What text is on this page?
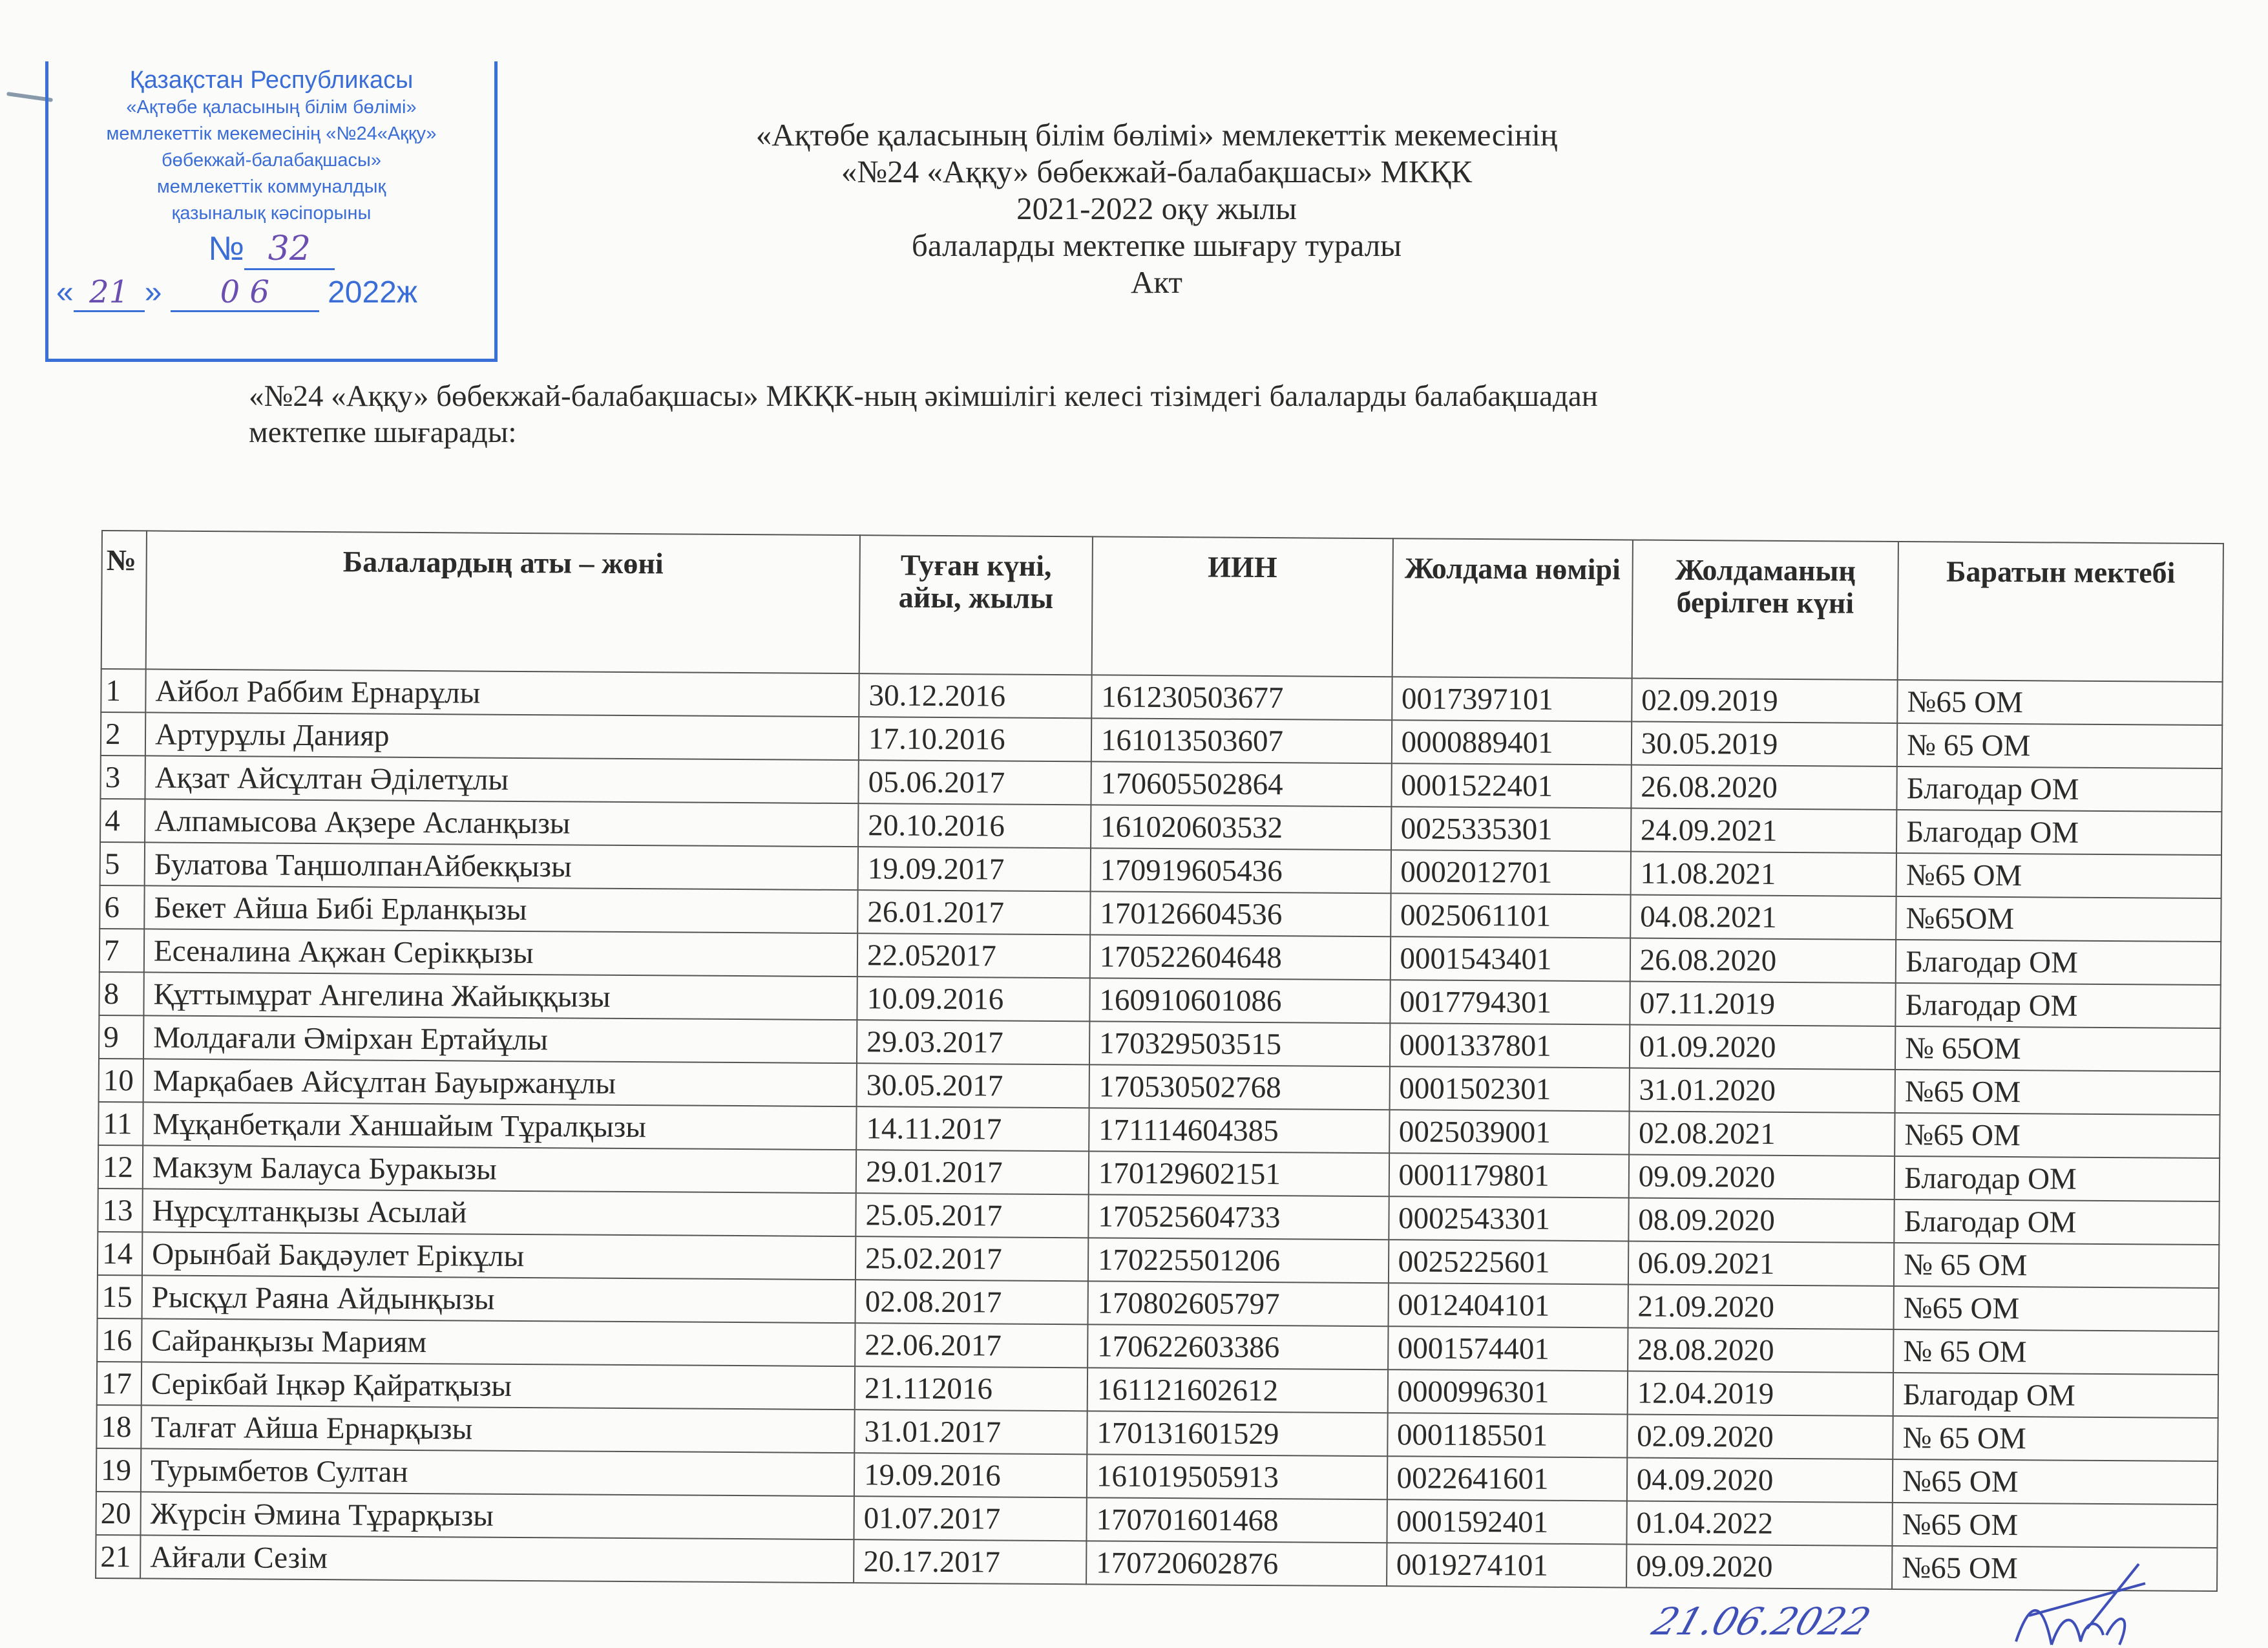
Қазақстан Республикасы
«Ақтөбе қаласының білім бөлімі»
мемлекеттік мекемесінің «№24«Аққу»
бөбекжай-балабақшасы»
мемлекеттік коммуналдық
қазыналық кәсіпорыны
№ 32
« 21 » 0 6 2022ж
«Ақтөбе қаласының білім бөлімі» мемлекеттік мекемесінің
«№24 «Аққу» бөбекжай-балабақшасы» МКҚК
2021-2022 оқу жылы
балаларды мектепке шығару туралы
Акт
«№24 «Аққу» бөбекжай-балабақшасы» МКҚК-ның әкімшілігі келесі тізімдегі балаларды балабақшадан
мектепке шығарады:
№	Балалардың аты – жөні	Туған күні, айы, жылы	ИИН	Жолдама нөмірі	Жолдаманың берілген күні	Баратын мектебі
1	Айбол Раббим Ернарұлы	30.12.2016	161230503677	0017397101	02.09.2019	№65 ОМ
2	Артурұлы Данияр	17.10.2016	161013503607	0000889401	30.05.2019	№ 65 ОМ
3	Ақзат Айсұлтан Әділетұлы	05.06.2017	170605502864	0001522401	26.08.2020	Благодар ОМ
4	Алпамысова Ақзере Асланқызы	20.10.2016	161020603532	0025335301	24.09.2021	Благодар ОМ
5	Булатова ТаңшолпанАйбекқызы	19.09.2017	170919605436	0002012701	11.08.2021	№65 ОМ
6	Бекет Айша Бибі Ерланқызы	26.01.2017	170126604536	0025061101	04.08.2021	№65ОМ
7	Есеналина Ақжан Серікқызы	22.052017	170522604648	0001543401	26.08.2020	Благодар ОМ
8	Құттымұрат Ангелина Жайыққызы	10.09.2016	160910601086	0017794301	07.11.2019	Благодар ОМ
9	Молдағали Әмірхан Ертайұлы	29.03.2017	170329503515	0001337801	01.09.2020	№ 65ОМ
10	Марқабаев Айсұлтан Бауыржанұлы	30.05.2017	170530502768	0001502301	31.01.2020	№65 ОМ
11	Мұқанбетқали Ханшайым Тұралқызы	14.11.2017	171114604385	0025039001	02.08.2021	№65 ОМ
12	Макзум Балауса Буракызы	29.01.2017	170129602151	0001179801	09.09.2020	Благодар ОМ
13	Нұрсұлтанқызы Асылай	25.05.2017	170525604733	0002543301	08.09.2020	Благодар ОМ
14	Орынбай Бақдәулет Ерікұлы	25.02.2017	170225501206	0025225601	06.09.2021	№ 65 ОМ
15	Рысқұл Раяна Айдынқызы	02.08.2017	170802605797	0012404101	21.09.2020	№65 ОМ
16	Сайранқызы Мариям	22.06.2017	170622603386	0001574401	28.08.2020	№ 65 ОМ
17	Серікбай Іңкәр Қайратқызы	21.112016	161121602612	0000996301	12.04.2019	Благодар ОМ
18	Талғат Айша Ернарқызы	31.01.2017	170131601529	0001185501	02.09.2020	№ 65 ОМ
19	Турымбетов Султан	19.09.2016	161019505913	0022641601	04.09.2020	№65 ОМ
20	Жүрсін Әмина Тұрарқызы	01.07.2017	170701601468	0001592401	01.04.2022	№65 ОМ
21	Айғали Сезім	20.17.2017	170720602876	0019274101	09.09.2020	№65 ОМ
21.06.2022
